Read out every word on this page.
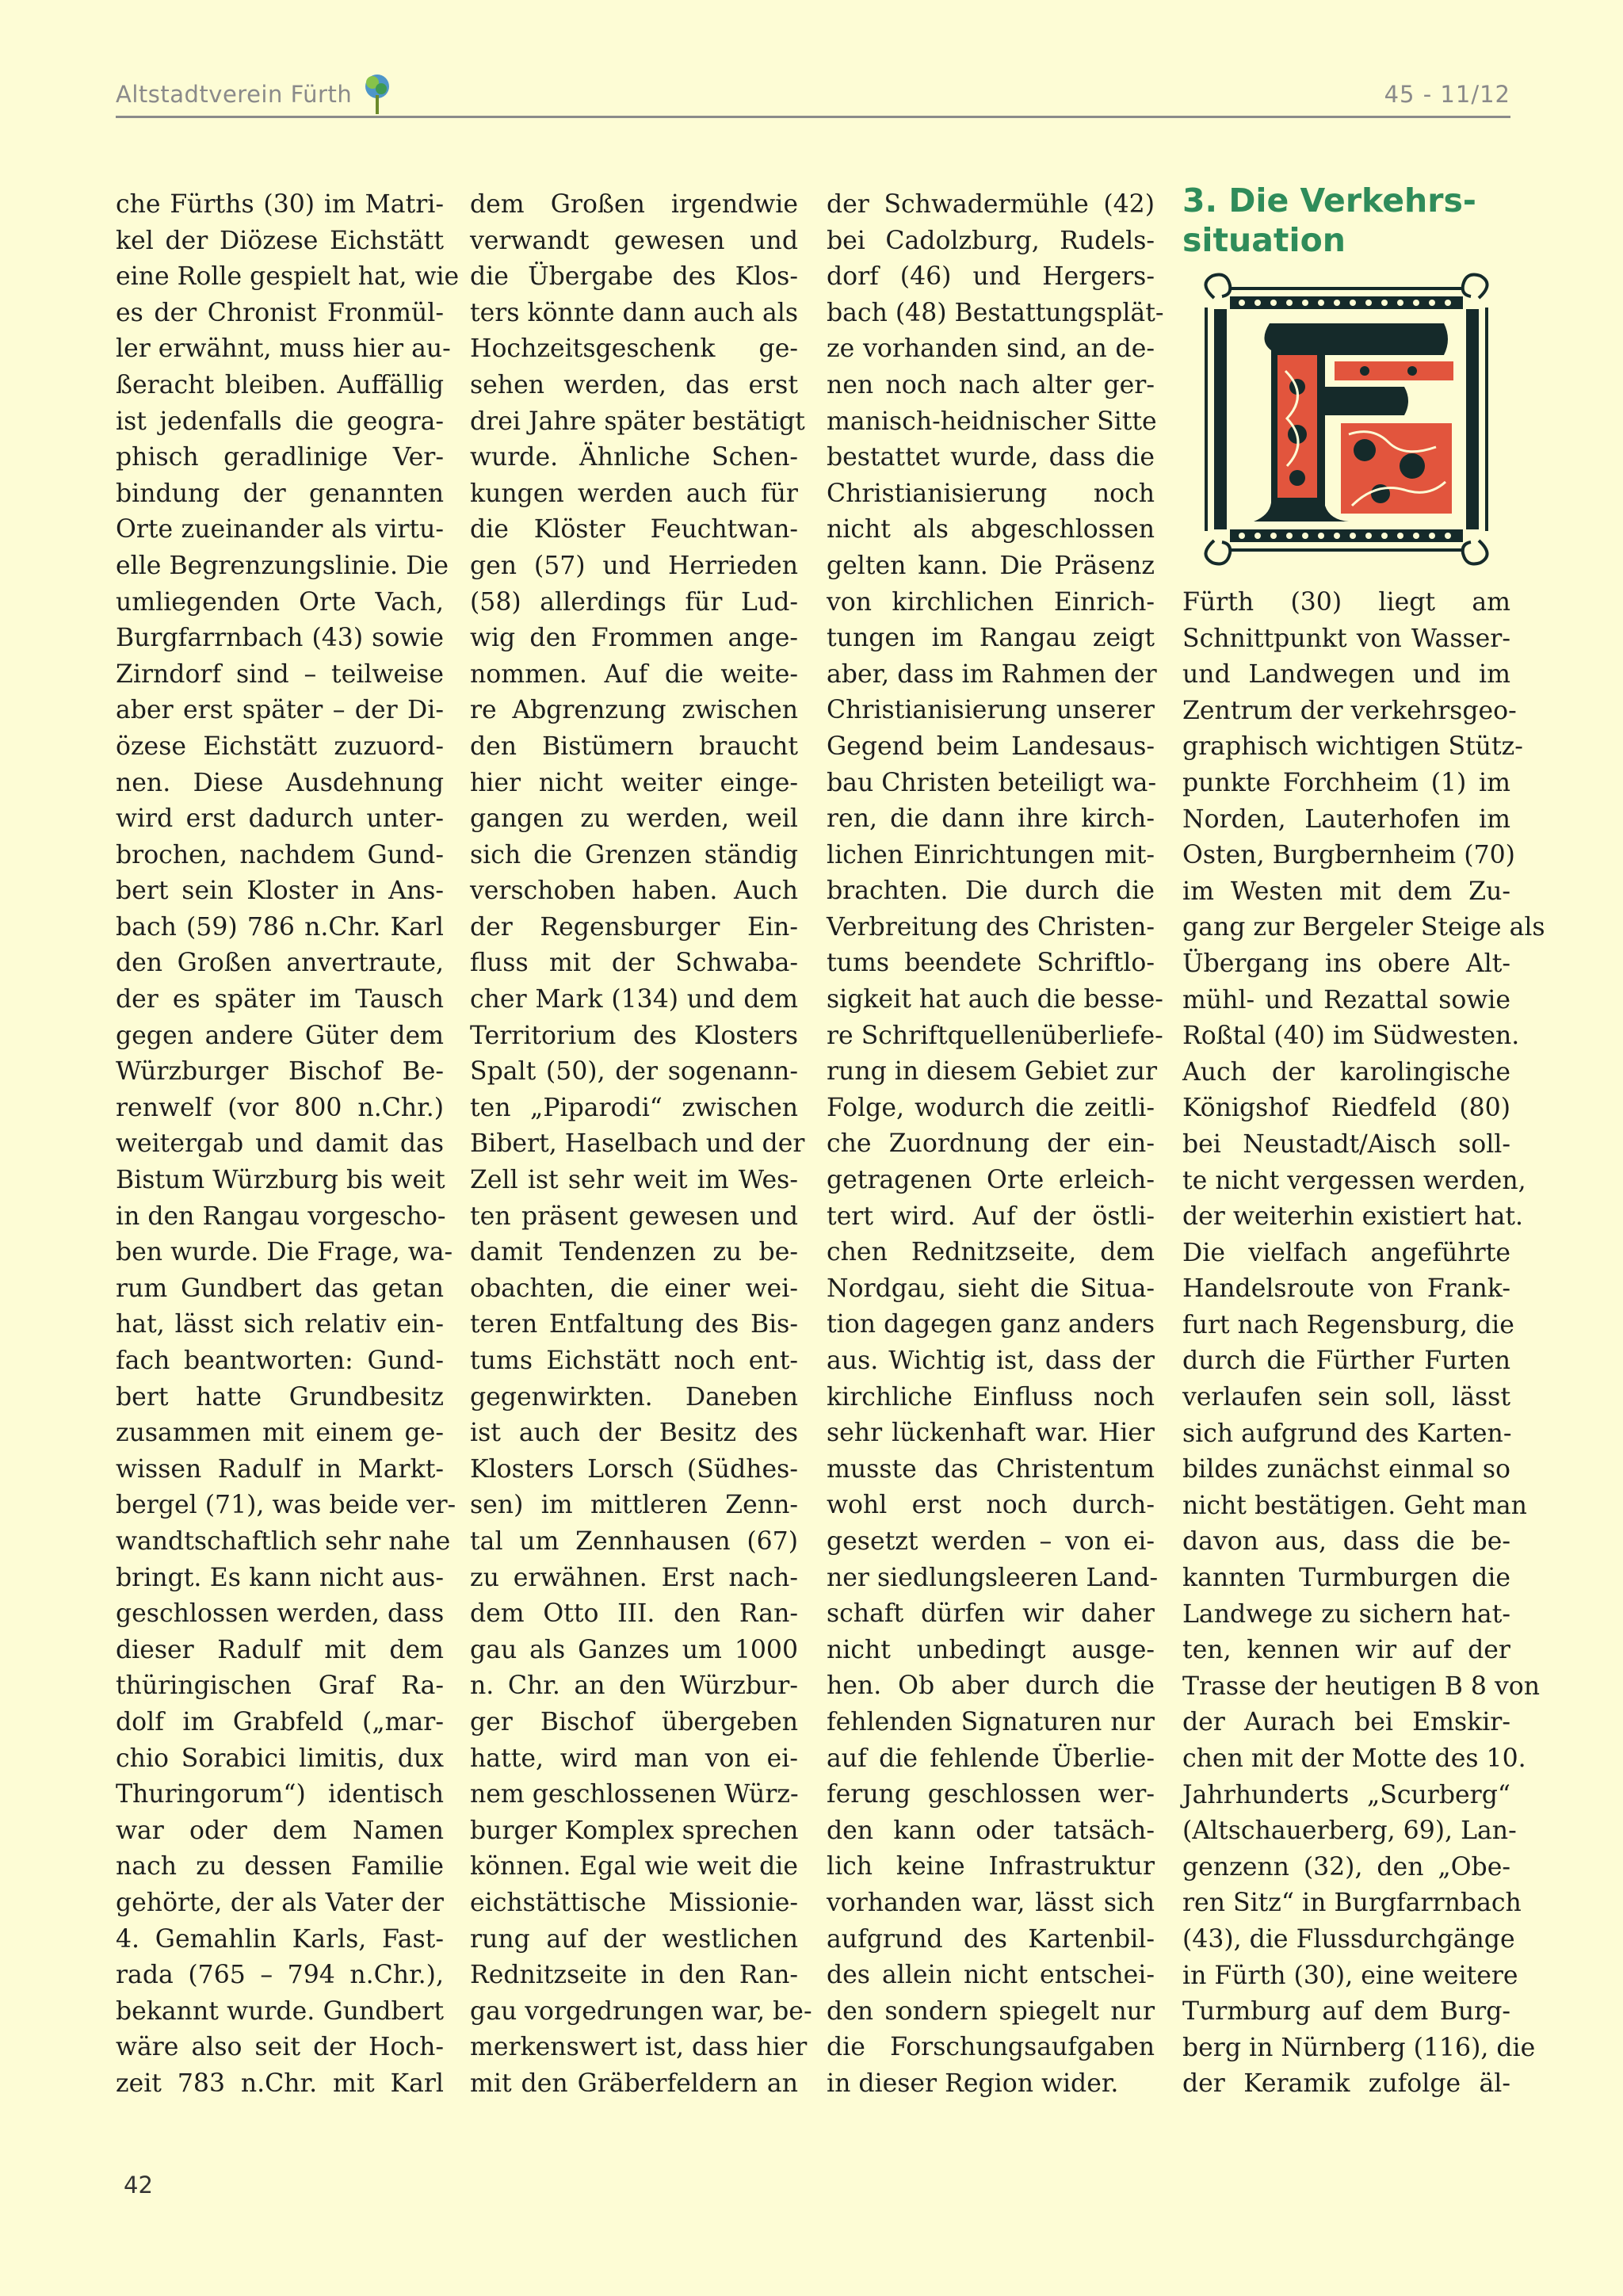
Altstadtverein Fürth	45 - 11/12
che Fürths (30) im Matri-
kel der Diözese Eichstätt
eine Rolle gespielt hat, wie
es der Chronist Fronmül-
ler erwähnt, muss hier au-
ßeracht bleiben. Auffällig
ist jedenfalls die geogra-
phisch geradlinige Ver-
bindung der genannten
Orte zueinander als virtu-
elle Begrenzungslinie. Die
umliegenden Orte Vach,
Burgfarrnbach (43) sowie
Zirndorf sind – teilweise
aber erst später – der Di-
özese Eichstätt zuzuord-
nen. Diese Ausdehnung
wird erst dadurch unter-
brochen, nachdem Gund-
bert sein Kloster in Ans-
bach (59) 786 n.Chr. Karl
den Großen anvertraute,
der es später im Tausch
gegen andere Güter dem
Würzburger Bischof Be-
renwelf (vor 800 n.Chr.)
weitergab und damit das
Bistum Würzburg bis weit
in den Rangau vorgescho-
ben wurde. Die Frage, wa-
rum Gundbert das getan
hat, lässt sich relativ ein-
fach beantworten: Gund-
bert hatte Grundbesitz
zusammen mit einem ge-
wissen Radulf in Markt-
bergel (71), was beide ver-
wandtschaftlich sehr nahe
bringt. Es kann nicht aus-
geschlossen werden, dass
dieser Radulf mit dem
thüringischen Graf Ra-
dolf im Grabfeld („mar-
chio Sorabici limitis, dux
Thuringorum“) identisch
war oder dem Namen
nach zu dessen Familie
gehörte, der als Vater der
4. Gemahlin Karls, Fast-
rada (765 – 794 n.Chr.),
bekannt wurde. Gundbert
wäre also seit der Hoch-
zeit 783 n.Chr. mit Karl
dem Großen irgendwie
verwandt gewesen und
die Übergabe des Klos-
ters könnte dann auch als
Hochzeitsgeschenk ge-
sehen werden, das erst
drei Jahre später bestätigt
wurde. Ähnliche Schen-
kungen werden auch für
die Klöster Feuchtwan-
gen (57) und Herrieden
(58) allerdings für Lud-
wig den Frommen ange-
nommen. Auf die weite-
re Abgrenzung zwischen
den Bistümern braucht
hier nicht weiter einge-
gangen zu werden, weil
sich die Grenzen ständig
verschoben haben. Auch
der Regensburger Ein-
fluss mit der Schwaba-
cher Mark (134) und dem
Territorium des Klosters
Spalt (50), der sogenann-
ten „Piparodi“ zwischen
Bibert, Haselbach und der
Zell ist sehr weit im Wes-
ten präsent gewesen und
damit Tendenzen zu be-
obachten, die einer wei-
teren Entfaltung des Bis-
tums Eichstätt noch ent-
gegenwirkten. Daneben
ist auch der Besitz des
Klosters Lorsch (Südhes-
sen) im mittleren Zenn-
tal um Zennhausen (67)
zu erwähnen. Erst nach-
dem Otto III. den Ran-
gau als Ganzes um 1000
n. Chr. an den Würzbur-
ger Bischof übergeben
hatte, wird man von ei-
nem geschlossenen Würz-
burger Komplex sprechen
können. Egal wie weit die
eichstättische Missionie-
rung auf der westlichen
Rednitzseite in den Ran-
gau vorgedrungen war, be-
merkenswert ist, dass hier
mit den Gräberfeldern an
der Schwadermühle (42)
bei Cadolzburg, Rudels-
dorf (46) und Hergers-
bach (48) Bestattungsplät-
ze vorhanden sind, an de-
nen noch nach alter ger-
manisch-heidnischer Sitte
bestattet wurde, dass die
Christianisierung noch
nicht als abgeschlossen
gelten kann. Die Präsenz
von kirchlichen Einrich-
tungen im Rangau zeigt
aber, dass im Rahmen der
Christianisierung unserer
Gegend beim Landesaus-
bau Christen beteiligt wa-
ren, die dann ihre kirch-
lichen Einrichtungen mit-
brachten. Die durch die
Verbreitung des Christen-
tums beendete Schriftlo-
sigkeit hat auch die besse-
re Schriftquellenüberliefe-
rung in diesem Gebiet zur
Folge, wodurch die zeitli-
che Zuordnung der ein-
getragenen Orte erleich-
tert wird. Auf der östli-
chen Rednitzseite, dem
Nordgau, sieht die Situa-
tion dagegen ganz anders
aus. Wichtig ist, dass der
kirchliche Einfluss noch
sehr lückenhaft war. Hier
musste das Christentum
wohl erst noch durch-
gesetzt werden – von ei-
ner siedlungsleeren Land-
schaft dürfen wir daher
nicht unbedingt ausge-
hen. Ob aber durch die
fehlenden Signaturen nur
auf die fehlende Überlie-
ferung geschlossen wer-
den kann oder tatsäch-
lich keine Infrastruktur
vorhanden war, lässt sich
aufgrund des Kartenbil-
des allein nicht entschei-
den sondern spiegelt nur
die Forschungsaufgaben
in dieser Region wider.
3. Die Verkehrs-
situation
Fürth (30) liegt am
Schnittpunkt von Wasser-
und Landwegen und im
Zentrum der verkehrsgeo-
graphisch wichtigen Stütz-
punkte Forchheim (1) im
Norden, Lauterhofen im
Osten, Burgbernheim (70)
im Westen mit dem Zu-
gang zur Bergeler Steige als
Übergang ins obere Alt-
mühl- und Rezattal sowie
Roßtal (40) im Südwesten.
Auch der karolingische
Königshof Riedfeld (80)
bei Neustadt/Aisch soll-
te nicht vergessen werden,
der weiterhin existiert hat.
Die vielfach angeführte
Handelsroute von Frank-
furt nach Regensburg, die
durch die Fürther Furten
verlaufen sein soll, lässt
sich aufgrund des Karten-
bildes zunächst einmal so
nicht bestätigen. Geht man
davon aus, dass die be-
kannten Turmburgen die
Landwege zu sichern hat-
ten, kennen wir auf der
Trasse der heutigen B 8 von
der Aurach bei Emskir-
chen mit der Motte des 10.
Jahrhunderts „Scurberg“
(Altschauerberg, 69), Lan-
genzenn (32), den „Obe-
ren Sitz“ in Burgfarrnbach
(43), die Flussdurchgänge
in Fürth (30), eine weitere
Turmburg auf dem Burg-
berg in Nürnberg (116), die
der Keramik zufolge äl-
42
